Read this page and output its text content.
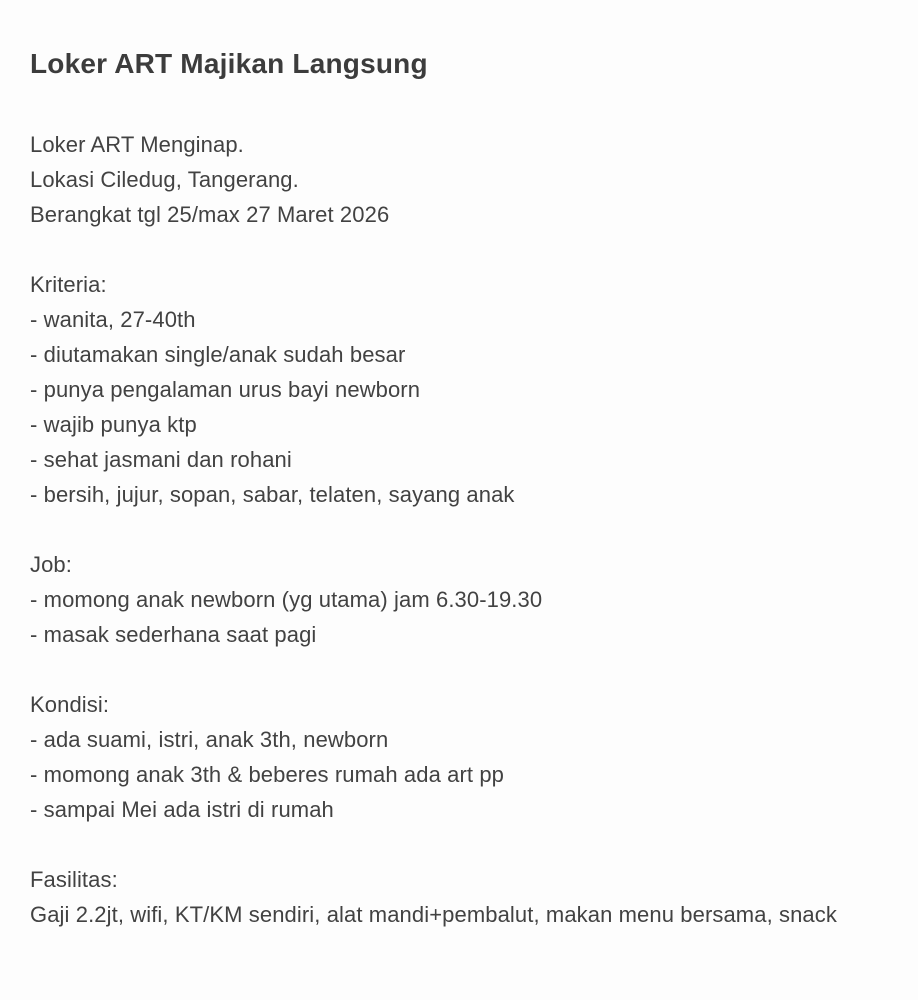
Loker ART Majikan Langsung
Loker ART Menginap.
Lokasi Ciledug, Tangerang.
Berangkat tgl 25/max 27 Maret 2026
Kriteria:
- wanita, 27-40th
- diutamakan single/anak sudah besar
- punya pengalaman urus bayi newborn
- wajib punya ktp
- sehat jasmani dan rohani
- bersih, jujur, sopan, sabar, telaten, sayang anak
Job:
- momong anak newborn (yg utama) jam 6.30-19.30
- masak sederhana saat pagi
Kondisi:
- ada suami, istri, anak 3th, newborn
- momong anak 3th & beberes rumah ada art pp
- sampai Mei ada istri di rumah
Fasilitas:
Gaji 2.2jt, wifi, KT/KM sendiri, alat mandi+pembalut, makan menu bersama, snack
